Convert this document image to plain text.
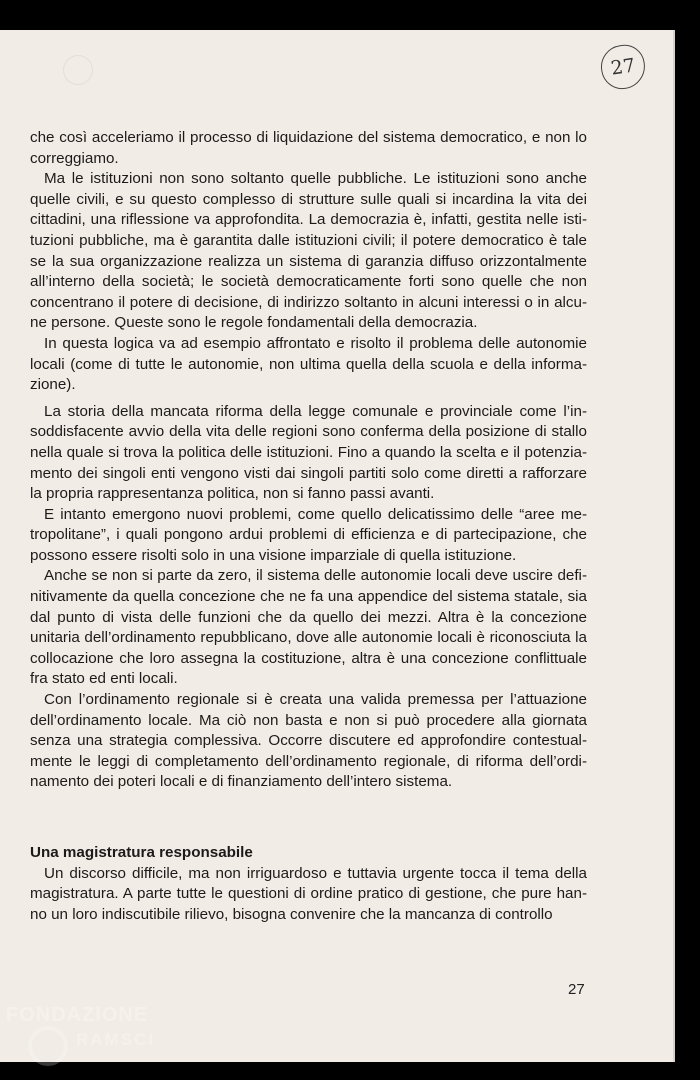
27

che così acceleriamo il processo di liquidazione del sistema democratico, e non lo correggiamo.

Ma le istituzioni non sono soltanto quelle pubbliche. Le istituzioni sono anche quelle civili, e su questo complesso di strutture sulle quali si incardina la vita dei cittadini, una riflessione va approfondita. La democrazia è, infatti, gestita nelle istituzioni pubbliche, ma è garantita dalle istituzioni civili; il potere democratico è tale se la sua organizzazione realizza un sistema di garanzia diffuso orizzontalmente all’interno della società; le società democraticamente forti sono quelle che non concentrano il potere di decisione, di indirizzo soltanto in alcuni interessi o in alcune persone. Queste sono le regole fondamentali della democrazia.

In questa logica va ad esempio affrontato e risolto il problema delle autonomie locali (come di tutte le autonomie, non ultima quella della scuola e della informazione).

La storia della mancata riforma della legge comunale e provinciale come l’insoddisfacente avvio della vita delle regioni sono conferma della posizione di stallo nella quale si trova la politica delle istituzioni. Fino a quando la scelta e il potenziamento dei singoli enti vengono visti dai singoli partiti solo come diretti a rafforzare la propria rappresentanza politica, non si fanno passi avanti.

E intanto emergono nuovi problemi, come quello delicatissimo delle “aree metropolitane”, i quali pongono ardui problemi di efficienza e di partecipazione, che possono essere risolti solo in una visione imparziale di quella istituzione.

Anche se non si parte da zero, il sistema delle autonomie locali deve uscire definitivamente da quella concezione che ne fa una appendice del sistema statale, sia dal punto di vista delle funzioni che da quello dei mezzi. Altra è la concezione unitaria dell’ordinamento repubblicano, dove alle autonomie locali è riconosciuta la collocazione che loro assegna la costituzione, altra è una concezione conflittuale fra stato ed enti locali.

Con l’ordinamento regionale si è creata una valida premessa per l’attuazione dell’ordinamento locale. Ma ciò non basta e non si può procedere alla giornata senza una strategia complessiva. Occorre discutere ed approfondire contestualmente le leggi di completamento dell’ordinamento regionale, di riforma dell’ordinamento dei poteri locali e di finanziamento dell’intero sistema.

Una magistratura responsabile

Un discorso difficile, ma non irriguardoso e tuttavia urgente tocca il tema della magistratura. A parte tutte le questioni di ordine pratico di gestione, che pure hanno un loro indiscutibile rilievo, bisogna convenire che la mancanza di controllo

27
FONDAZIONE
RAMSCI
